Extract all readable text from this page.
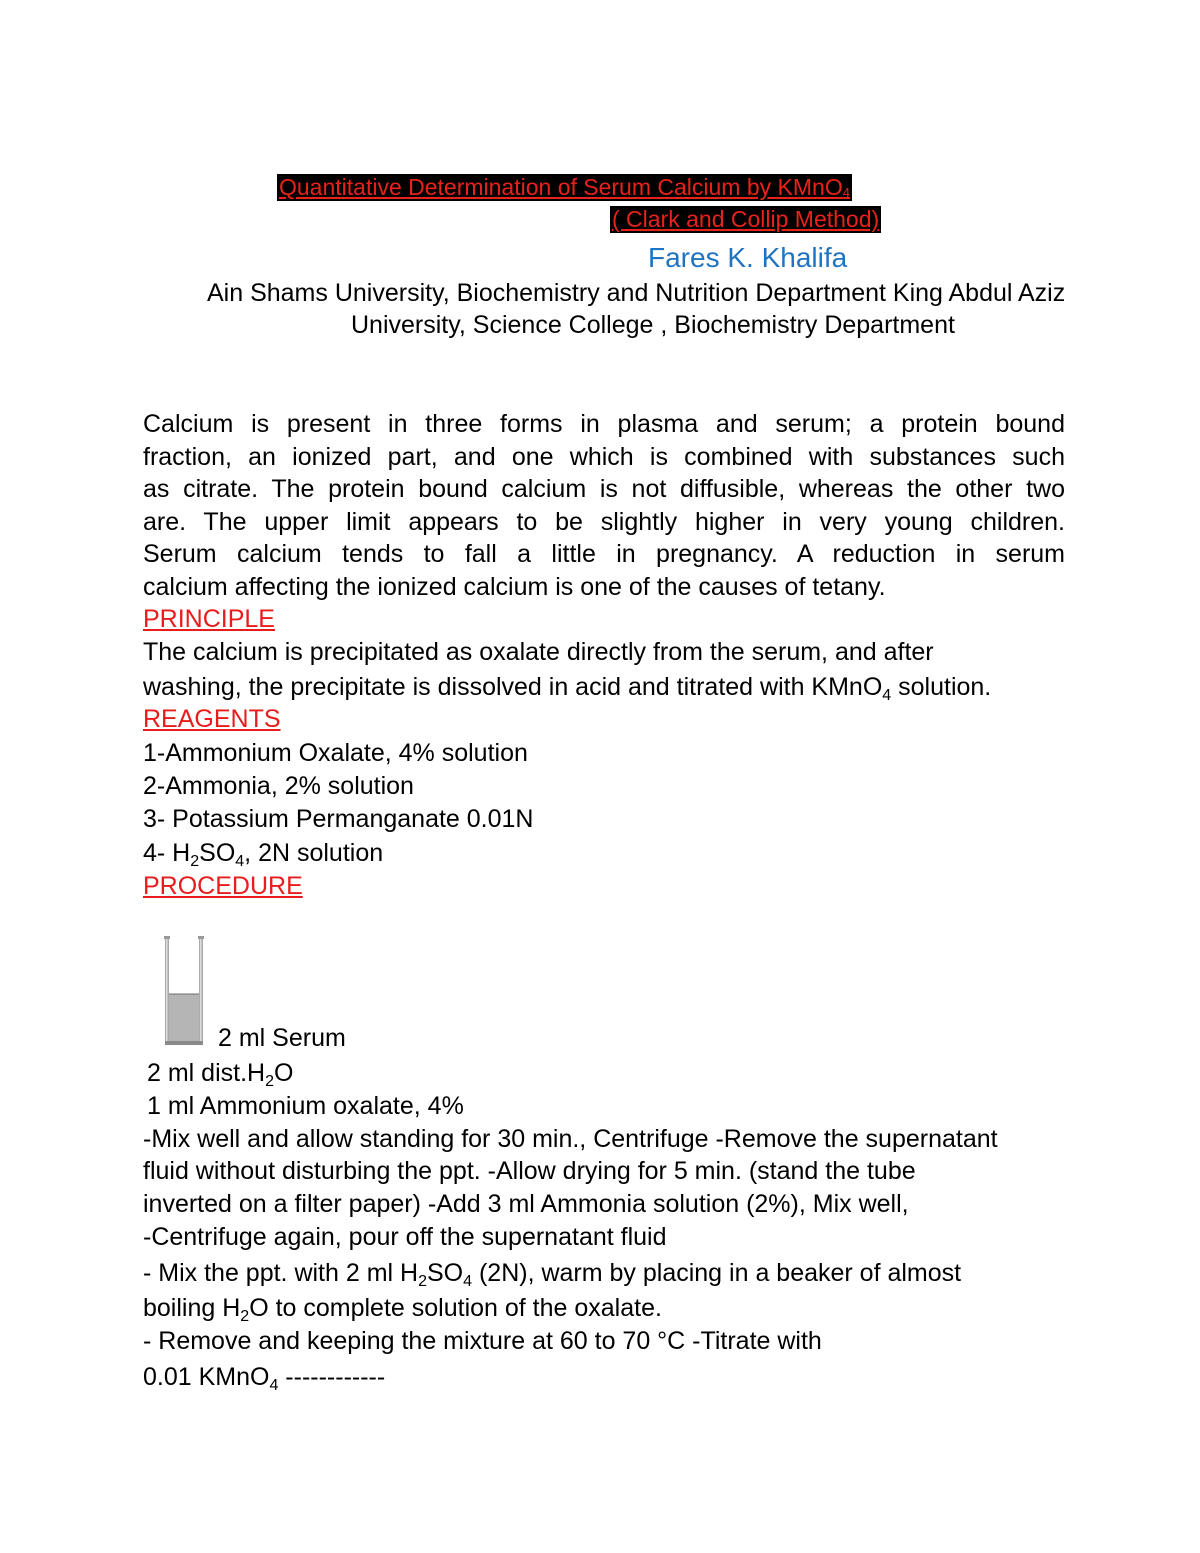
Quantitative Determination of Serum Calcium by KMnO$_4$
( Clark and Collip Method)
Fares K. Khalifa
Ain Shams University, Biochemistry and Nutrition Department King Abdul Aziz
University, Science College , Biochemistry Department
Calcium is present in three forms in plasma and serum; a protein bound
fraction, an ionized part, and one which is combined with substances such
as citrate. The protein bound calcium is not diffusible, whereas the other two
are. The upper limit appears to be slightly higher in very young children.
Serum calcium tends to fall a little in pregnancy. A reduction in serum
calcium affecting the ionized calcium is one of the causes of tetany.
PRINCIPLE
The calcium is precipitated as oxalate directly from the serum, and after
washing, the precipitate is dissolved in acid and titrated with KMnO$_4$ solution.
REAGENTS
1-Ammonium Oxalate, 4% solution
2-Ammonia, 2% solution
3- Potassium Permanganate 0.01N
4- $H_2SO_4$, 2N solution
PROCEDURE
2 ml Serum
2 ml $dist.H_2O$
1 ml Ammonium oxalate, 4%
-Mix well and allow standing for 30 min., Centrifuge -Remove the supernatant
fluid without disturbing the ppt. -Allow drying for 5 min. (stand the tube
inverted on a filter paper) -Add 3 ml Ammonia solution (2%), Mix well,
-Centrifuge again, pour off the supernatant fluid
- Mix the ppt. with 2 ml $H_2SO_4$ (2N), warm by placing in a beaker of almost
boiling $H_2O$ to complete solution of the oxalate.
- Remove and keeping the mixture at 60 to 70 °C -Titrate with
0.01 KMnO$_4$ ------------
